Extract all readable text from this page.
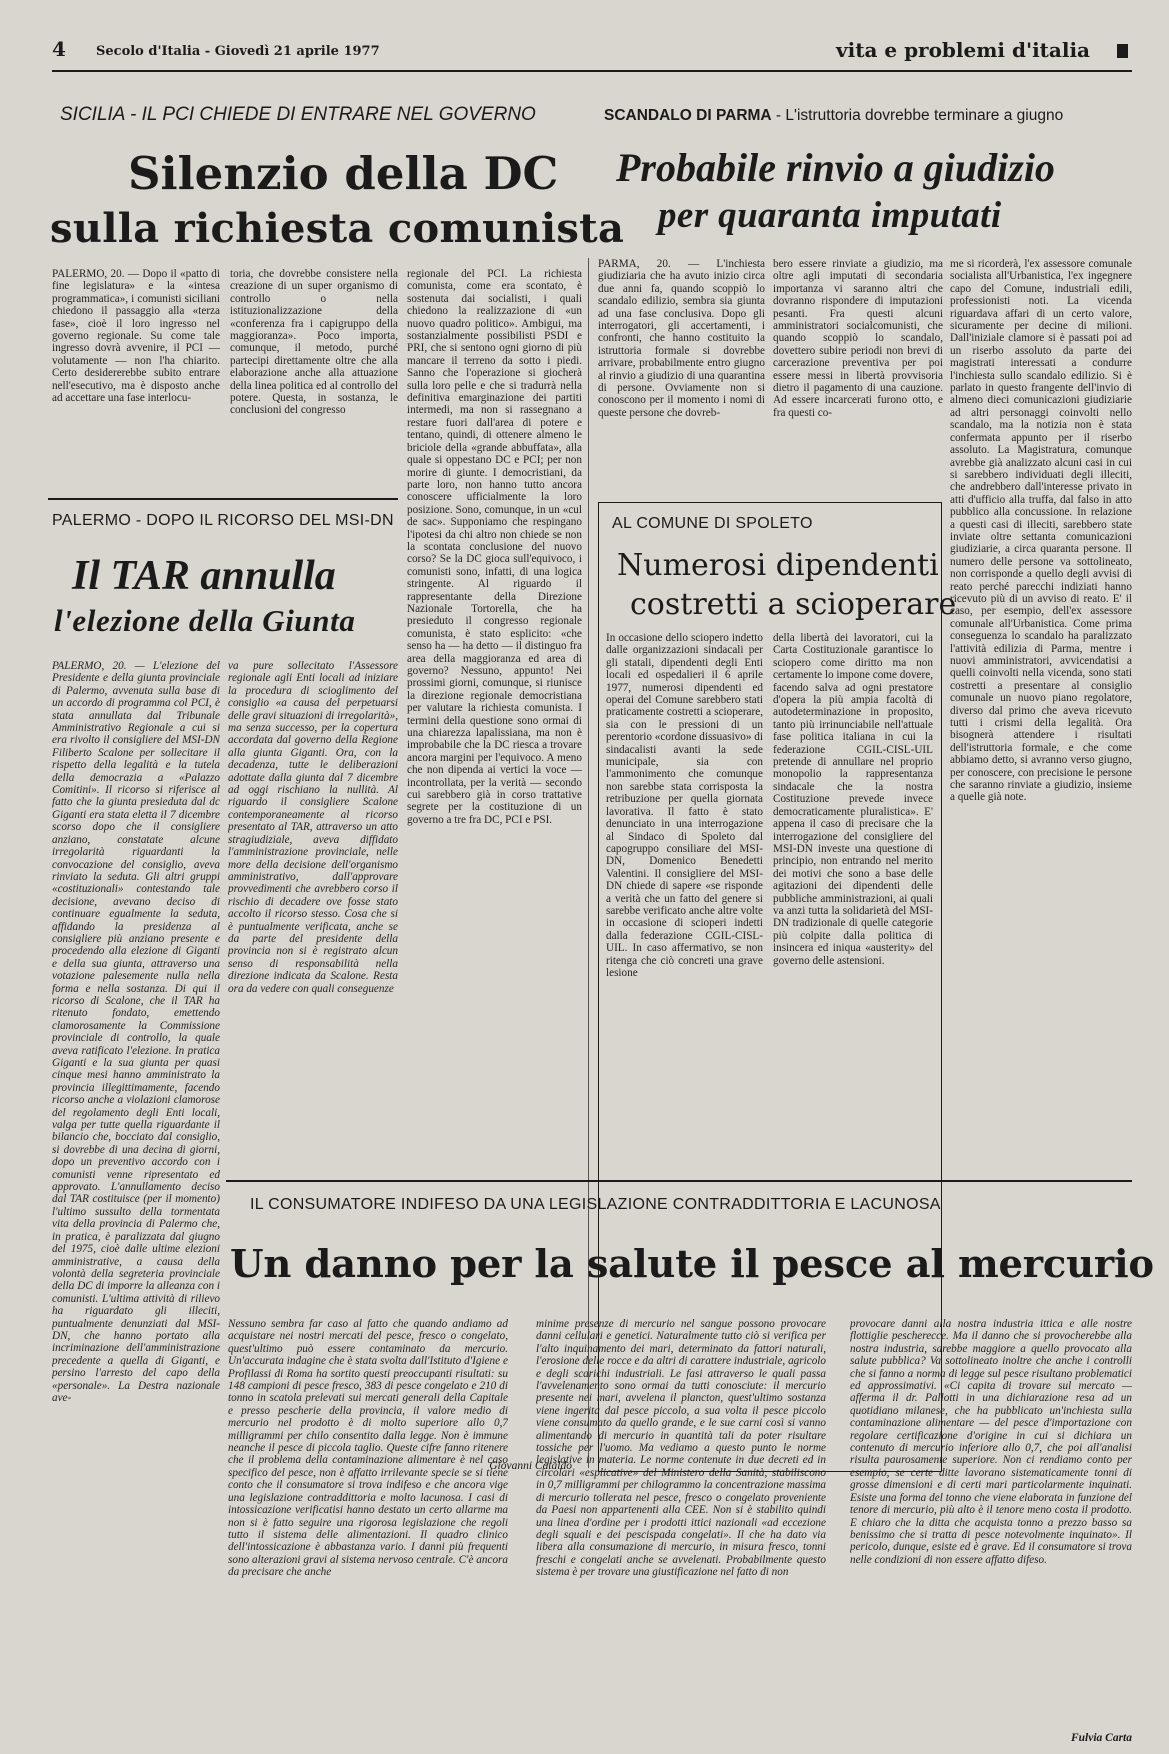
4 Secolo d'Italia - Giovedì 21 aprile 1977	vita e problemi d'italia
SICILIA - IL PCI CHIEDE DI ENTRARE NEL GOVERNO
Silenzio della DC
sulla richiesta comunista
PALERMO, 20. — Dopo il «patto di fine legislatura» e la «intesa programmatica», i comunisti siciliani chiedono il passaggio alla «terza fase», cioè il loro ingresso nel governo regionale. Su come tale ingresso dovrà avvenire, il PCI — volutamente — non l'ha chiarito. Certo desidererebbe subito entrare nell'esecutivo, ma è disposto anche ad accettare una fase interlocu-
toria, che dovrebbe consistere nella creazione di un super organismo di controllo o nella istituzionalizzazione della «conferenza fra i capigruppo della maggioranza». Poco importa, comunque, il metodo, purché partecipi direttamente oltre che alla elaborazione anche alla attuazione della linea politica ed al controllo del potere. Questa, in sostanza, le conclusioni del congresso
regionale del PCI. La richiesta comunista, come era scontato, è sostenuta dai socialisti, i quali chiedono la realizzazione di «un nuovo quadro politico». Ambigui, ma sostanzialmente possibilisti PSDI e PRI, che si sentono ogni giorno di più mancare il terreno da sotto i piedi. Sanno che l'operazione si giocherà sulla loro pelle e che si tradurrà nella definitiva emarginazione dei partiti intermedi, ma non si rassegnano a restare fuori dall'area di potere e tentano, quindi, di ottenere almeno le briciole della «grande abbuffata», alla quale si oppestano DC e PCI; per non morire di giunte. I democristiani, da parte loro, non hanno tutto ancora conoscere ufficialmente la loro posizione. Sono, comunque, in un «cul de sac». Supponiamo che respingano l'ipotesi da chi altro non chiede se non la scontata conclusione del nuovo corso? Se la DC gioca sull'equivoco, i comunisti sono, infatti, di una logica stringente. Al riguardo il rappresentante della Direzione Nazionale Tortorella, che ha presieduto il congresso regionale comunista, è stato esplicito: «che senso ha — ha detto — il distinguo fra area della maggioranza ed area di governo? Nessuno, appunto! Nei prossimi giorni, comunque, si riunisce la direzione regionale democristiana per valutare la richiesta comunista. I termini della questione sono ormai di una chiarezza lapalissiana, ma non è improbabile che la DC riesca a trovare ancora margini per l'equivoco. A meno che non dipenda ai vertici la voce — incontrollata, per la verità — secondo cui sarebbero già in corso trattative segrete per la costituzione di un governo a tre fra DC, PCI e PSI.
Giovanni Cataldo
PALERMO - DOPO IL RICORSO DEL MSI-DN
Il TAR annulla
l'elezione della Giunta
PALERMO, 20. — L'elezione del Presidente e della giunta provinciale di Palermo, avvenuta sulla base di un accordo di programma col PCI, è stata annullata dal Tribunale Amministrativo Regionale a cui si era rivolto il consigliere del MSI-DN Filiberto Scalone per sollecitare il rispetto della legalità e la tutela della democrazia a «Palazzo Comitini». Il ricorso si riferisce al fatto che la giunta presieduta dal dc Giganti era stata eletta il 7 dicembre scorso dopo che il consigliere anziano, constatate alcune irregolarità riguardanti la convocazione del consiglio, aveva rinviato la seduta. Gli altri gruppi «costituzionali» contestando tale decisione, avevano deciso di continuare egualmente la seduta, affidando la presidenza al consigliere più anziano presente e procedendo alla elezione di Giganti e della sua giunta, attraverso una votazione palesemente nulla nella forma e nella sostanza. Di qui il ricorso di Scalone, che il TAR ha ritenuto fondato, emettendo clamorosamente la Commissione provinciale di controllo, la quale aveva ratificato l'elezione. In pratica Giganti e la sua giunta per quasi cinque mesi hanno amministrato la provincia illegittimamente, facendo ricorso anche a violazioni clamorose del regolamento degli Enti locali, valga per tutte quella riguardante il bilancio che, bocciato dal consiglio, si dovrebbe di una decina di giorni, dopo un preventivo accordo con i comunisti venne ripresentato ed approvato. L'annullamento deciso dal TAR costituisce (per il momento) l'ultimo sussulto della tormentata vita della provincia di Palermo che, in pratica, è paralizzata dal giugno del 1975, cioè dalle ultime elezioni amministrative, a causa della volontà della segreteria provinciale della DC di imporre la alleanza con i comunisti. L'ultima attività di rilievo ha riguardato gli illeciti, puntualmente denunziati dal MSI-DN, che hanno portato alla incriminazione dell'amministrazione precedente a quella di Giganti, e persino l'arresto del capo della «personale». La Destra nazionale ave-
va pure sollecitato l'Assessore regionale agli Enti locali ad iniziare la procedura di scioglimento del consiglio «a causa del perpetuarsi delle gravi situazioni di irregolarità», ma senza successo, per la copertura accordata dal governo della Regione alla giunta Giganti. Ora, con la decadenza, tutte le deliberazioni adottate dalla giunta dal 7 dicembre ad oggi rischiano la nullità. Al riguardo il consigliere Scalone contemporaneamente al ricorso presentato al TAR, attraverso un atto stragiudiziale, aveva diffidato l'amministrazione provinciale, nelle more della decisione dell'organismo amministrativo, dall'approvare provvedimenti che avrebbero corso il rischio di decadere ove fosse stato accolto il ricorso stesso. Cosa che si è puntualmente verificata, anche se da parte del presidente della provincia non si è registrato alcun senso di responsabilità nella direzione indicata da Scalone. Resta ora da vedere con quali conseguenze
SCANDALO DI PARMA - L'istruttoria dovrebbe terminare a giugno
Probabile rinvio a giudizio
per quaranta imputati
PARMA, 20. — L'inchiesta giudiziaria che ha avuto inizio circa due anni fa, quando scoppiò lo scandalo edilizio, sembra sia giunta ad una fase conclusiva. Dopo gli interrogatori, gli accertamenti, i confronti, che hanno costituito la istruttoria formale si dovrebbe arrivare, probabilmente entro giugno al rinvio a giudizio di una quarantina di persone. Ovviamente non si conoscono per il momento i nomi di queste persone che dovreb-
bero essere rinviate a giudizio, ma oltre agli imputati di secondaria importanza vi saranno altri che dovranno rispondere di imputazioni pesanti. Fra questi alcuni amministratori socialcomunisti, che quando scoppiò lo scandalo, dovettero subire periodi non brevi di carcerazione preventiva per poi essere messi in libertà provvisoria dietro il pagamento di una cauzione. Ad essere incarcerati furono otto, e fra questi co-
me si ricorderà, l'ex assessore comunale socialista all'Urbanistica, l'ex ingegnere capo del Comune, industriali edili, professionisti noti. La vicenda riguardava affari di un certo valore, sicuramente per decine di milioni. Dall'iniziale clamore si è passati poi ad un riserbo assoluto da parte dei magistrati interessati a condurre l'inchiesta sullo scandalo edilizio. Si è parlato in questo frangente dell'invio di almeno dieci comunicazioni giudiziarie ad altri personaggi coinvolti nello scandalo, ma la notizia non è stata confermata appunto per il riserbo assoluto. La Magistratura, comunque avrebbe già analizzato alcuni casi in cui si sarebbero individuati degli illeciti, che andrebbero dall'interesse privato in atti d'ufficio alla truffa, dal falso in atto pubblico alla concussione. In relazione a questi casi di illeciti, sarebbero state inviate oltre settanta comunicazioni giudiziarie, a circa quaranta persone. Il numero delle persone va sottolineato, non corrisponde a quello degli avvisi di reato perché parecchi indiziati hanno ricevuto più di un avviso di reato. E' il caso, per esempio, dell'ex assessore comunale all'Urbanistica. Come prima conseguenza lo scandalo ha paralizzato l'attività edilizia di Parma, mentre i nuovi amministratori, avvicendatisi a quelli coinvolti nella vicenda, sono stati costretti a presentare al consiglio comunale un nuovo piano regolatore, diverso dal primo che aveva ricevuto tutti i crismi della legalità. Ora bisognerà attendere i risultati dell'istruttoria formale, e che come abbiamo detto, si avranno verso giugno, per conoscere, con precisione le persone che saranno rinviate a giudizio, insieme a quelle già note.
AL COMUNE DI SPOLETO
Numerosi dipendenti
costretti a scioperare
In occasione dello sciopero indetto dalle organizzazioni sindacali per gli statali, dipendenti degli Enti locali ed ospedalieri il 6 aprile 1977, numerosi dipendenti ed operai del Comune sarebbero stati praticamente costretti a scioperare, sia con le pressioni di un perentorio «cordone dissuasivo» di sindacalisti avanti la sede municipale, sia con l'ammonimento che comunque non sarebbe stata corrisposta la retribuzione per quella giornata lavorativa. Il fatto è stato denunciato in una interrogazione al Sindaco di Spoleto dal capogruppo consiliare del MSI-DN, Domenico Benedetti Valentini. Il consigliere del MSI-DN chiede di sapere «se risponde a verità che un fatto del genere si sarebbe verificato anche altre volte in occasione di scioperi indetti dalla federazione CGIL-CISL-UIL. In caso affermativo, se non ritenga che ciò concreti una grave lesione
della libertà dei lavoratori, cui la Carta Costituzionale garantisce lo sciopero come diritto ma non certamente lo impone come dovere, facendo salva ad ogni prestatore d'opera la più ampia facoltà di autodeterminazione in proposito, tanto più irrinunciabile nell'attuale fase politica italiana in cui la federazione CGIL-CISL-UIL pretende di annullare nel proprio monopolio la rappresentanza sindacale che la nostra Costituzione prevede invece democraticamente pluralistica». E' appena il caso di precisare che la interrogazione del consigliere del MSI-DN investe una questione di principio, non entrando nel merito dei motivi che sono a base delle agitazioni dei dipendenti delle pubbliche amministrazioni, ai quali va anzi tutta la solidarietà del MSI-DN tradizionale di quelle categorie più colpite dalla politica di insincera ed iniqua «austerity» del governo delle astensioni.
IL CONSUMATORE INDIFESO DA UNA LEGISLAZIONE CONTRADDITTORIA E LACUNOSA
Un danno per la salute il pesce al mercurio
Nessuno sembra far caso al fatto che quando andiamo ad acquistare nei nostri mercati del pesce, fresco o congelato, quest'ultimo può essere contaminato da mercurio. Un'accurata indagine che è stata svolta dall'Istituto d'Igiene e Profilassi di Roma ha sortito questi preoccupanti risultati: su 148 campioni di pesce fresco, 383 di pesce congelato e 210 di tonno in scatola prelevati sui mercati generali della Capitale e presso pescherie della provincia, il valore medio di mercurio nel prodotto è di molto superiore allo 0,7 milligrammi per chilo consentito dalla legge. Non è immune neanche il pesce di piccola taglio. Queste cifre fanno ritenere che il problema della contaminazione alimentare è nel caso specifico del pesce, non è affatto irrilevante specie se si tiene conto che il consumatore si trova indifeso e che ancora vige una legislazione contraddittoria e molto lacunosa. I casi di intossicazione verificatisi hanno destato un certo allarme ma non si è fatto seguire una rigorosa legislazione che regoli tutto il sistema delle alimentazioni. Il quadro clinico dell'intossicazione è abbastanza vario. I danni più frequenti sono alterazioni gravi al sistema nervoso centrale. C'è ancora da precisare che anche
minime presenze di mercurio nel sangue possono provocare danni cellulari e genetici. Naturalmente tutto ciò si verifica per l'alto inquinamento dei mari, determinato da fattori naturali, l'erosione delle rocce e da altri di carattere industriale, agricolo e degli scarichi industriali. Le fasi attraverso le quali passa l'avvelenamento sono ormai da tutti conosciute: il mercurio presente nei mari, avvelena il plancton, quest'ultimo sostanza viene ingerita dal pesce piccolo, a sua volta il pesce piccolo viene consumato da quello grande, e le sue carni così si vanno alimentando di mercurio in quantità tali da poter risultare tossiche per l'uomo. Ma vediamo a questo punto le norme legislative in materia. Le norme contenute in due decreti ed in circolari «esplicative» del Ministero della Sanità, stabiliscono in 0,7 milligrammi per chilogrammo la concentrazione massima di mercurio tollerata nel pesce, fresco o congelato proveniente da Paesi non appartenenti alla CEE. Non si è stabilito quindi una linea d'ordine per i prodotti ittici nazionali «ad eccezione degli squali e dei pescispada congelati». Il che ha dato via libera alla consumazione di mercurio, in misura fresco, tonni freschi e congelati anche se avvelenati. Probabilmente questo sistema è per trovare una giustificazione nel fatto di non
provocare danni alla nostra industria ittica e alle nostre flottiglie pescherecce. Ma il danno che si provocherebbe alla nostra industria, sarebbe maggiore a quello provocato alla salute pubblica? Va sottolineato inoltre che anche i controlli che si fanno a norma di legge sul pesce risultano problematici ed approssimativi. «Ci capita di trovare sul mercato — afferma il dr. Pallotti in una dichiarazione resa ad un quotidiano milanese, che ha pubblicato un'inchiesta sulla contaminazione alimentare — del pesce d'importazione con regolare certificazione d'origine in cui si dichiara un contenuto di mercurio inferiore allo 0,7, che poi all'analisi risulta paurosamente superiore. Non ci rendiamo conto per esempio, se certe ditte lavorano sistematicamente tonni di grosse dimensioni e di certi mari particolarmente inquinati. Esiste una forma del tonno che viene elaborata in funzione del tenore di mercurio, più alto è il tenore meno costa il prodotto. E chiaro che la ditta che acquista tonno a prezzo basso sa benissimo che si tratta di pesce notevolmente inquinato». Il pericolo, dunque, esiste ed è grave. Ed il consumatore si trova nelle condizioni di non essere affatto difeso.
Fulvia Carta
